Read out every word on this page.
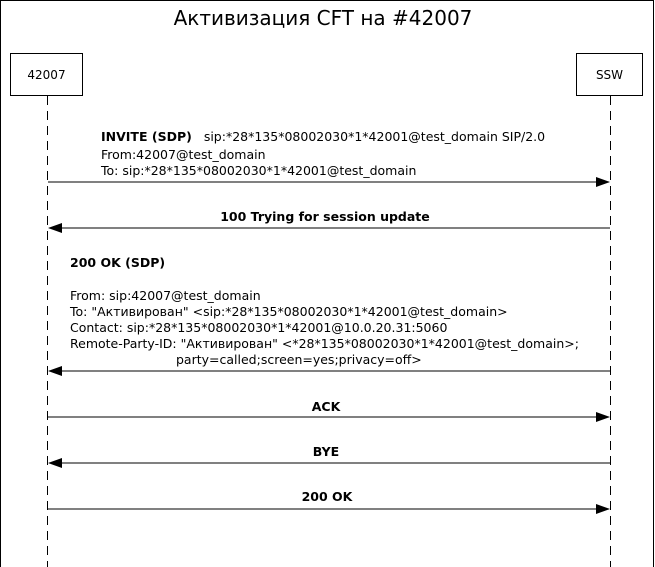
Активизация CFT на #42007
42007	SSW
INVITE (SDP) sip:*28*135*08002030*1*42001@test_domain SIP/2.0
From:42007@test_domain
To: sip:*28*135*08002030*1*42001@test_domain
100 Trying for session update
200 OK (SDP)
From: sip:42007@test_domain
To: "Активирован" <sip:*28*135*08002030*1*42001@test_domain>
Contact: sip:*28*135*08002030*1*42001@10.0.20.31:5060
Remote-Party-ID: "Активирован" <*28*135*08002030*1*42001@test_domain>;
party=called;screen=yes;privacy=off>
ACK
BYE
200 OK
